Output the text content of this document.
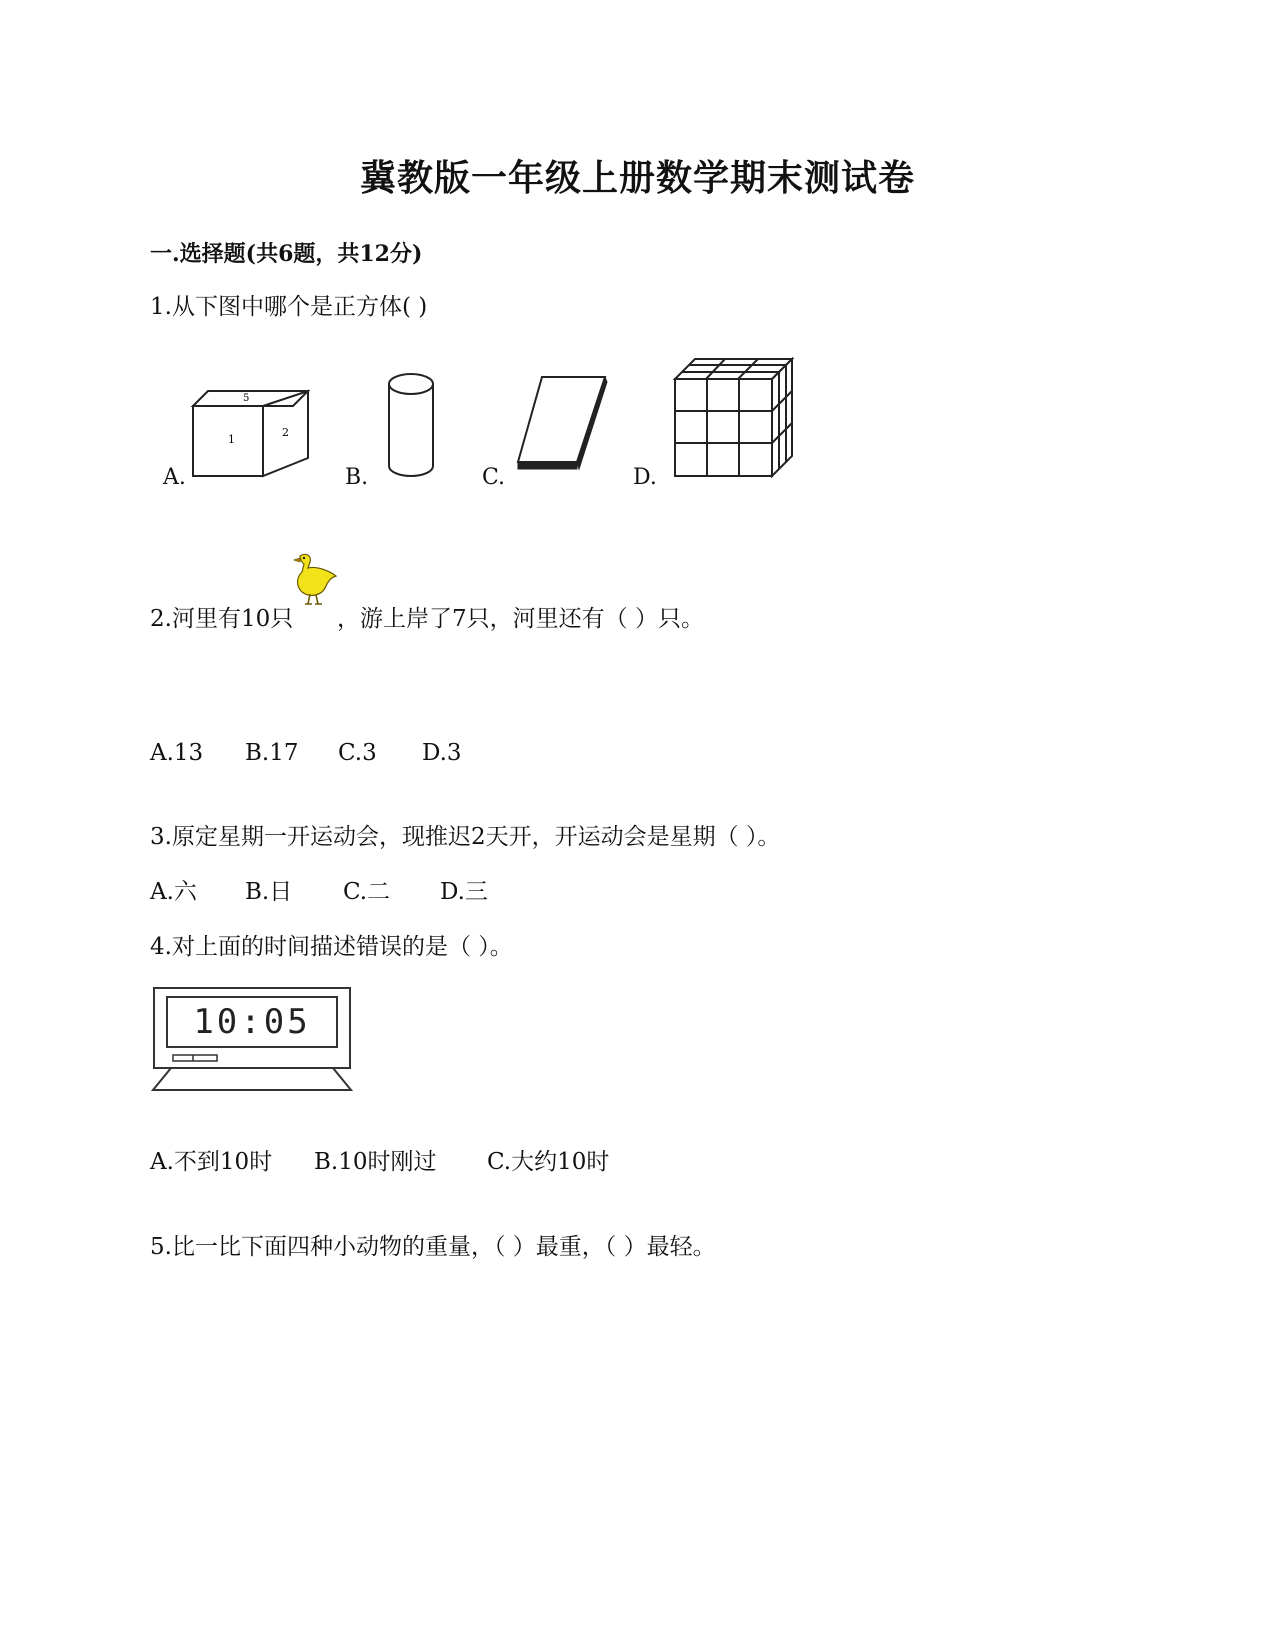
冀教版一年级上册数学期末测试卷
一.选择题(共6题，共12分)
1.从下图中哪个是正方体( )
A.
1
2
5
B.	C.	D.
2.河里有10只 ，游上岸了7只，河里还有（ ）只。
A.13 B.17 C.3 D.3
3.原定星期一开运动会，现推迟2天开，开运动会是星期（ ）。
A.六 B.日 C.二 D.三
4.对上面的时间描述错误的是（ ）。
10:05
A.不到10时 B.10时刚过 C.大约10时
5.比一比下面四种小动物的重量，（ ）最重，（ ）最轻。
